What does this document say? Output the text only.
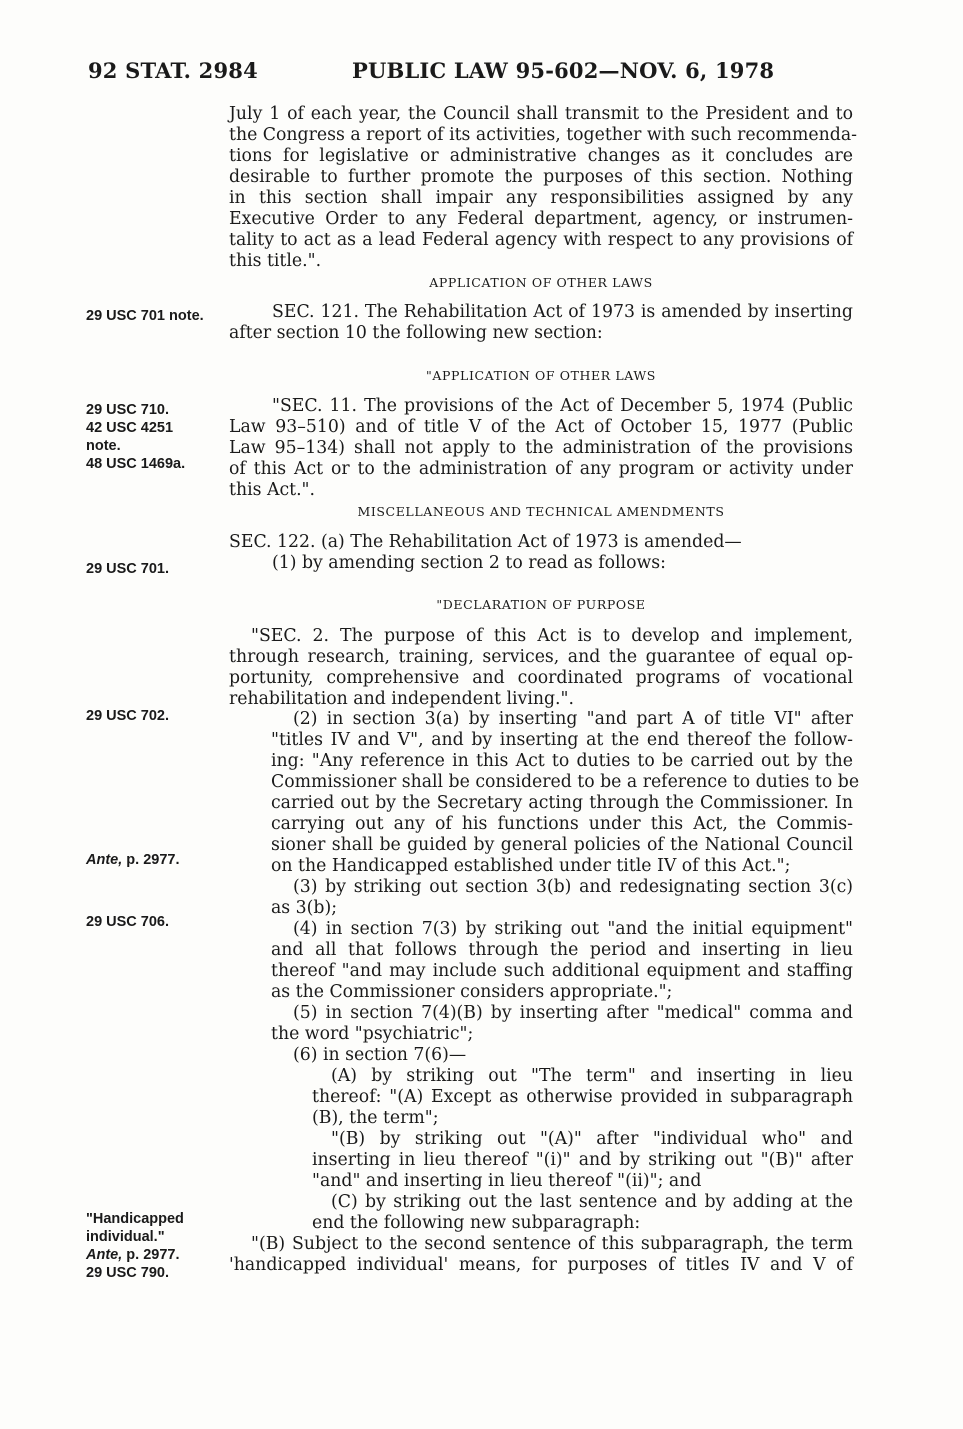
92 STAT. 2984	PUBLIC LAW 95-602—NOV. 6, 1978
29 USC 701 note.
29 USC 710.
42 USC 4251
note.
48 USC 1469a.
29 USC 701.
29 USC 702.
Ante, p. 2977.
29 USC 706.
"Handicapped
individual."
Ante, p. 2977.
29 USC 790.
July 1 of each year, the Council shall transmit to the President and to
the Congress a report of its activities, together with such recommenda-
tions for legislative or administrative changes as it concludes are
desirable to further promote the purposes of this section. Nothing
in this section shall impair any responsibilities assigned by any
Executive Order to any Federal department, agency, or instrumen-
tality to act as a lead Federal agency with respect to any provisions of
this title.".
APPLICATION OF OTHER LAWS
SEC. 121. The Rehabilitation Act of 1973 is amended by inserting
after section 10 the following new section:
"APPLICATION OF OTHER LAWS
"SEC. 11. The provisions of the Act of December 5, 1974 (Public
Law 93–510) and of title V of the Act of October 15, 1977 (Public
Law 95–134) shall not apply to the administration of the provisions
of this Act or to the administration of any program or activity under
this Act.".
MISCELLANEOUS AND TECHNICAL AMENDMENTS
SEC. 122. (a) The Rehabilitation Act of 1973 is amended—
(1) by amending section 2 to read as follows:
"DECLARATION OF PURPOSE
"SEC. 2. The purpose of this Act is to develop and implement,
through research, training, services, and the guarantee of equal op-
portunity, comprehensive and coordinated programs of vocational
rehabilitation and independent living.".
(2) in section 3(a) by inserting "and part A of title VI" after
"titles IV and V", and by inserting at the end thereof the follow-
ing: "Any reference in this Act to duties to be carried out by the
Commissioner shall be considered to be a reference to duties to be
carried out by the Secretary acting through the Commissioner. In
carrying out any of his functions under this Act, the Commis-
sioner shall be guided by general policies of the National Council
on the Handicapped established under title IV of this Act.";
(3) by striking out section 3(b) and redesignating section 3(c)
as 3(b);
(4) in section 7(3) by striking out "and the initial equipment"
and all that follows through the period and inserting in lieu
thereof "and may include such additional equipment and staffing
as the Commissioner considers appropriate.";
(5) in section 7(4)(B) by inserting after "medical" comma and
the word "psychiatric";
(6) in section 7(6)—
(A) by striking out "The term" and inserting in lieu
thereof: "(A) Except as otherwise provided in subparagraph
(B), the term";
"(B) by striking out "(A)" after "individual who" and
inserting in lieu thereof "(i)" and by striking out "(B)" after
"and" and inserting in lieu thereof "(ii)"; and
(C) by striking out the last sentence and by adding at the
end the following new subparagraph:
"(B) Subject to the second sentence of this subparagraph, the term
'handicapped individual' means, for purposes of titles IV and V of
